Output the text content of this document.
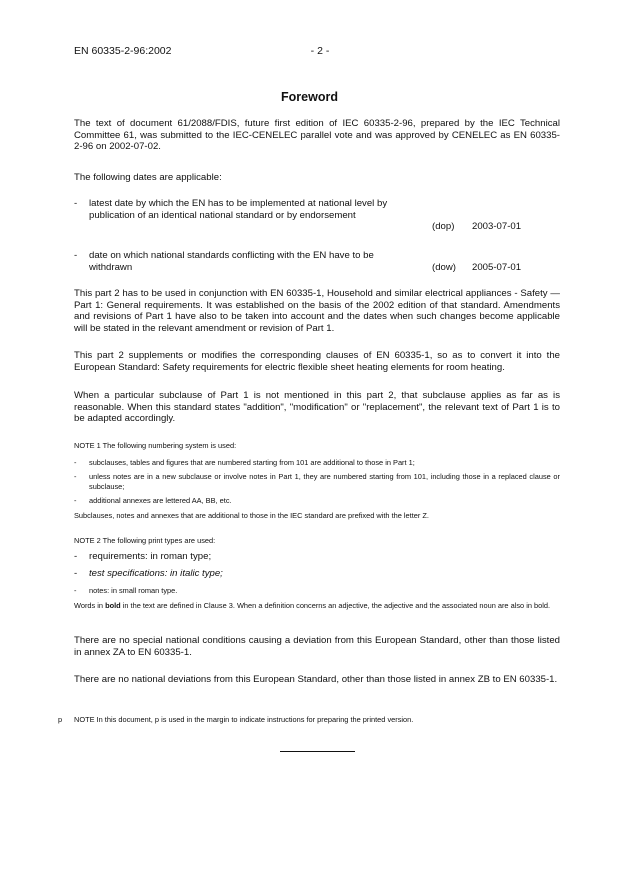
EN 60335-2-96:2002	- 2 -
Foreword
The text of document 61/2088/FDIS, future first edition of IEC 60335-2-96, prepared by the IEC Technical Committee 61, was submitted to the IEC-CENELEC parallel vote and was approved by CENELEC as EN 60335-2-96 on 2002-07-02.
The following dates are applicable:
- latest date by which the EN has to be implemented at national level by publication of an identical national standard or by endorsement
(dop) 2003-07-01
- date on which national standards conflicting with the EN have to be withdrawn	(dow) 2005-07-01
This part 2 has to be used in conjunction with EN 60335-1, Household and similar electrical appliances - Safety — Part 1: General requirements. It was established on the basis of the 2002 edition of that standard. Amendments and revisions of Part 1 have also to be taken into account and the dates when such changes become applicable will be stated in the relevant amendment or revision of Part 1.
This part 2 supplements or modifies the corresponding clauses of EN 60335-1, so as to convert it into the European Standard: Safety requirements for electric flexible sheet heating elements for room heating.
When a particular subclause of Part 1 is not mentioned in this part 2, that subclause applies as far as is reasonable. When this standard states "addition", "modification" or "replacement", the relevant text of Part 1 is to be adapted accordingly.
NOTE 1 The following numbering system is used:
- subclauses, tables and figures that are numbered starting from 101 are additional to those in Part 1;
- unless notes are in a new subclause or involve notes in Part 1, they are numbered starting from 101, including those in a replaced clause or subclause;
- additional annexes are lettered AA, BB, etc.
Subclauses, notes and annexes that are additional to those in the IEC standard are prefixed with the letter Z.
NOTE 2 The following print types are used:
- requirements: in roman type;
- test specifications: in italic type;
- notes: in small roman type.
Words in bold in the text are defined in Clause 3. When a definition concerns an adjective, the adjective and the associated noun are also in bold.
There are no special national conditions causing a deviation from this European Standard, other than those listed in annex ZA to EN 60335-1.
There are no national deviations from this European Standard, other than those listed in annex ZB to EN 60335-1.
p NOTE In this document, p is used in the margin to indicate instructions for preparing the printed version.
